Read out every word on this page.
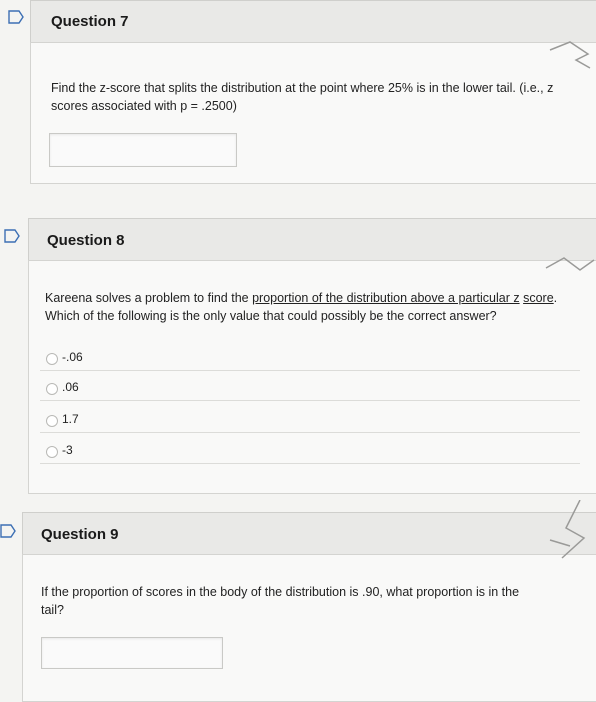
Question 7
Find the z-score that splits the distribution at the point where 25% is in the lower tail. (i.e., z
scores associated with p = .2500)
Question 8
Kareena solves a problem to find the proportion of the distribution above a particular z score. Which of the following is the only value that could possibly be the correct answer?
-.06
.06
1.7
-3
Question 9
If the proportion of scores in the body of the distribution is .90, what proportion is in the
tail?
